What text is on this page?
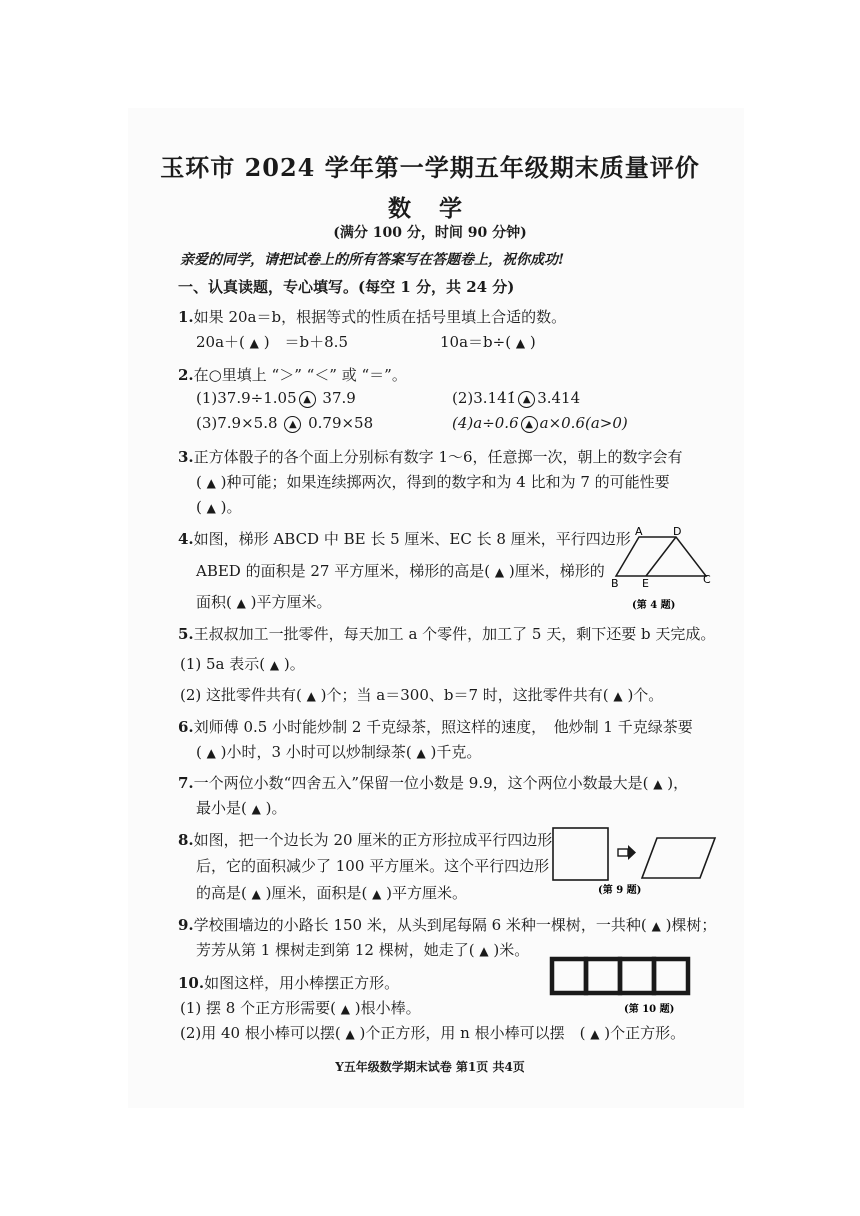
玉环市 2024 学年第一学期五年级期末质量评价
数 学
(满分 100 分，时间 90 分钟)
亲爱的同学，请把试卷上的所有答案写在答题卷上，祝你成功!
一、认真读题，专心填写。(每空 1 分，共 24 分)
1.如果 20a＝b，根据等式的性质在括号里填上合适的数。
20a＋( ▲ )　＝b＋8.5	10a＝b÷( ▲ )
2.在○里填上 “＞” “＜” 或 “＝”。
(1)37.9÷1.05 ▲ 37.9	(2)3.14̇1̇ ▲ 3.4̇14̇
(3)7.9×5.8 ▲ 0.79×58	(4)a÷0.6 ▲ a×0.6(a>0)
3.正方体骰子的各个面上分别标有数字 1～6，任意掷一次，朝上的数字会有
( ▲ )种可能；如果连续掷两次，得到的数字和为 4 比和为 7 的可能性要
( ▲ )。
4.如图，梯形 ABCD 中 BE 长 5 厘米、EC 长 8 厘米，平行四边形
ABED 的面积是 27 平方厘米，梯形的高是( ▲ )厘米，梯形的
面积( ▲ )平方厘米。
A	D
B E	C
(第 4 题)
5.王叔叔加工一批零件，每天加工 a 个零件，加工了 5 天，剩下还要 b 天完成。
(1) 5a 表示( ▲ )。
(2) 这批零件共有( ▲ )个；当 a＝300、b＝7 时，这批零件共有( ▲ )个。
6.刘师傅 0.5 小时能炒制 2 千克绿茶，照这样的速度，　他炒制 1 千克绿茶要
( ▲ )小时，3 小时可以炒制绿茶( ▲ )千克。
7.一个两位小数“四舍五入”保留一位小数是 9.9，这个两位小数最大是( ▲ )，
最小是( ▲ )。
8.如图，把一个边长为 20 厘米的正方形拉成平行四边形
后，它的面积减少了 100 平方厘米。这个平行四边形
的高是( ▲ )厘米，面积是( ▲ )平方厘米。	(第 9 题)
9.学校围墙边的小路长 150 米，从头到尾每隔 6 米种一棵树，一共种( ▲ )棵树；
芳芳从第 1 棵树走到第 12 棵树，她走了( ▲ )米。
10.如图这样，用小棒摆正方形。
(1) 摆 8 个正方形需要( ▲ )根小棒。
(2)用 40 根小棒可以摆( ▲ )个正方形，用 n 根小棒可以摆　( ▲ )个正方形。
(第 10 题)
Y五年级数学期末试卷 第1页 共4页
